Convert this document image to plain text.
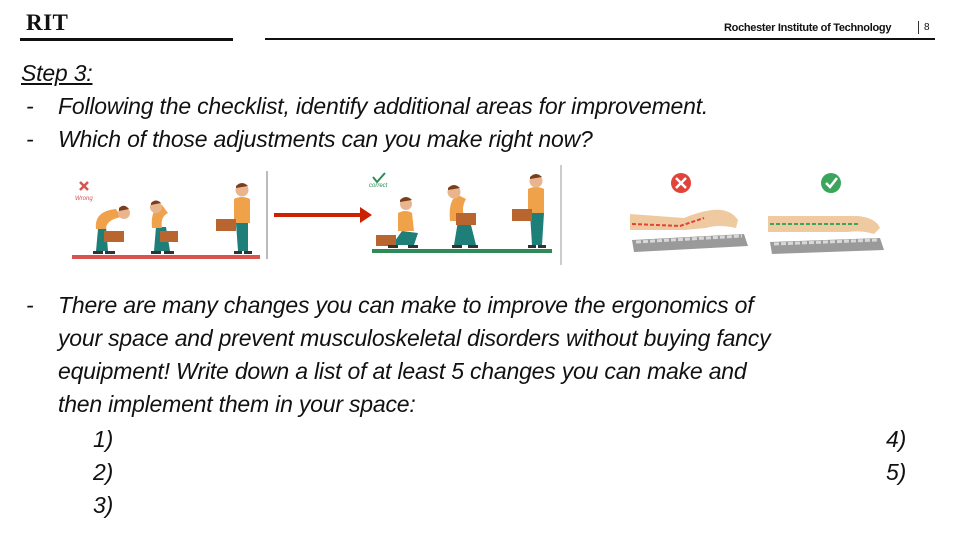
RIT	Rochester Institute of Technology	8
Step 3:
- Following the checklist, identify additional areas for improvement.
- Which of those adjustments can you make right now?
Wrong
correct
- There are many changes you can make to improve the ergonomics of
your space and prevent musculoskeletal disorders without buying fancy
equipment! Write down a list of at least 5 changes you can make and
then implement them in your space:
1)
2)
3)
4)
5)
